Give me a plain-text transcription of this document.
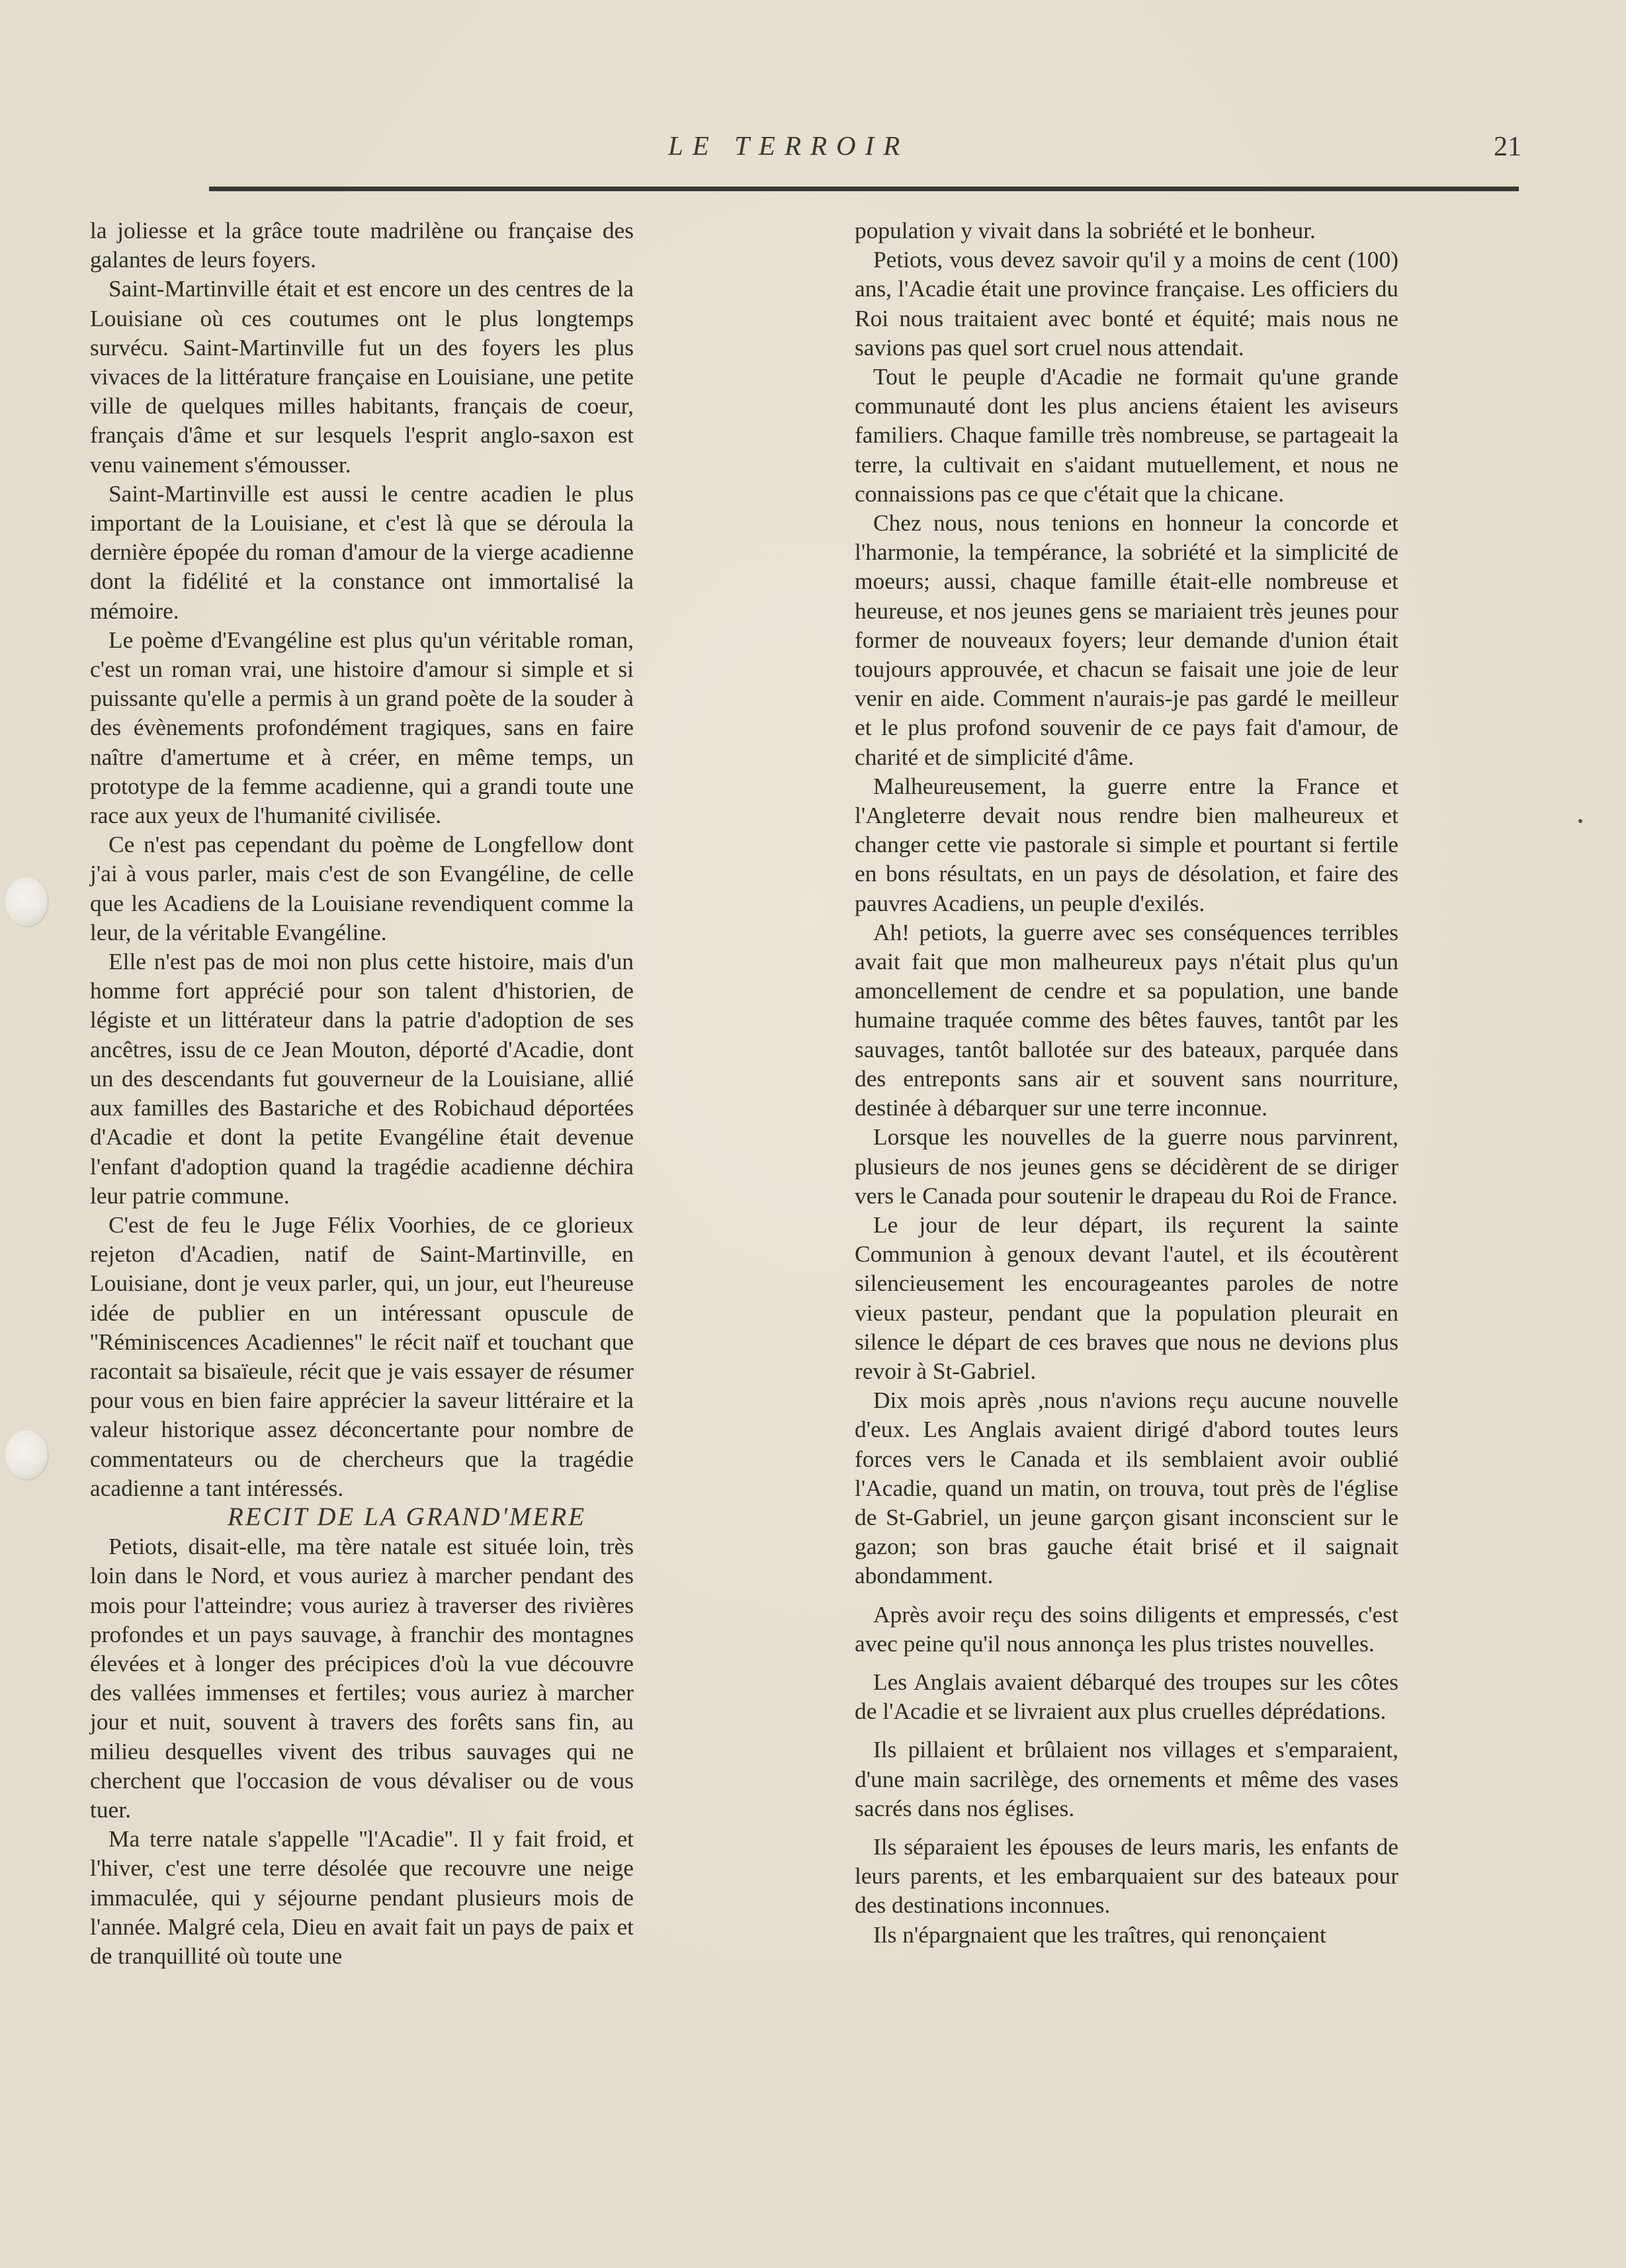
LE TERROIR	21

la joliesse et la grâce toute madrilène ou française des galantes de leurs foyers.

Saint-Martinville était et est encore un des centres de la Louisiane où ces coutumes ont le plus longtemps survécu. Saint-Martinville fut un des foyers les plus vivaces de la littérature française en Louisiane, une petite ville de quelques milles habitants, français de coeur, français d'âme et sur lesquels l'esprit anglo-saxon est venu vainement s'émousser.

Saint-Martinville est aussi le centre acadien le plus important de la Louisiane, et c'est là que se déroula la dernière épopée du roman d'amour de la vierge acadienne dont la fidélité et la constance ont immortalisé la mémoire.

Le poème d'Evangéline est plus qu'un véritable roman, c'est un roman vrai, une histoire d'amour si simple et si puissante qu'elle a permis à un grand poète de la souder à des évènements profondément tragiques, sans en faire naître d'amertume et à créer, en même temps, un prototype de la femme acadienne, qui a grandi toute une race aux yeux de l'humanité civilisée.

Ce n'est pas cependant du poème de Longfellow dont j'ai à vous parler, mais c'est de son Evangéline, de celle que les Acadiens de la Louisiane revendiquent comme la leur, de la véritable Evangéline.

Elle n'est pas de moi non plus cette histoire, mais d'un homme fort apprécié pour son talent d'historien, de légiste et un littérateur dans la patrie d'adoption de ses ancêtres, issu de ce Jean Mouton, déporté d'Acadie, dont un des descendants fut gouverneur de la Louisiane, allié aux familles des Bastariche et des Robichaud déportées d'Acadie et dont la petite Evangéline était devenue l'enfant d'adoption quand la tragédie acadienne déchira leur patrie commune.

C'est de feu le Juge Félix Voorhies, de ce glorieux rejeton d'Acadien, natif de Saint-Martinville, en Louisiane, dont je veux parler, qui, un jour, eut l'heureuse idée de publier en un intéressant opuscule de ''Réminiscences Acadiennes'' le récit naïf et touchant que racontait sa bisaïeule, récit que je vais essayer de résumer pour vous en bien faire apprécier la saveur littéraire et la valeur historique assez déconcertante pour nombre de commentateurs ou de chercheurs que la tragédie acadienne a tant intéressés.

RECIT DE LA GRAND'MERE

Petiots, disait-elle, ma tère natale est située loin, très loin dans le Nord, et vous auriez à marcher pendant des mois pour l'atteindre; vous auriez à traverser des rivières profondes et un pays sauvage, à franchir des montagnes élevées et à longer des précipices d'où la vue découvre des vallées immenses et fertiles; vous auriez à marcher jour et nuit, souvent à travers des forêts sans fin, au milieu desquelles vivent des tribus sauvages qui ne cherchent que l'occasion de vous dévaliser ou de vous tuer.

Ma terre natale s'appelle ''l'Acadie''. Il y fait froid, et l'hiver, c'est une terre désolée que recouvre une neige immaculée, qui y séjourne pendant plusieurs mois de l'année. Malgré cela, Dieu en avait fait un pays de paix et de tranquillité où toute une

population y vivait dans la sobriété et le bonheur.

Petiots, vous devez savoir qu'il y a moins de cent (100) ans, l'Acadie était une province française. Les officiers du Roi nous traitaient avec bonté et équité; mais nous ne savions pas quel sort cruel nous attendait.

Tout le peuple d'Acadie ne formait qu'une grande communauté dont les plus anciens étaient les aviseurs familiers. Chaque famille très nombreuse, se partageait la terre, la cultivait en s'aidant mutuellement, et nous ne connaissions pas ce que c'était que la chicane.

Chez nous, nous tenions en honneur la concorde et l'harmonie, la tempérance, la sobriété et la simplicité de moeurs; aussi, chaque famille était-elle nombreuse et heureuse, et nos jeunes gens se mariaient très jeunes pour former de nouveaux foyers; leur demande d'union était toujours approuvée, et chacun se faisait une joie de leur venir en aide. Comment n'aurais-je pas gardé le meilleur et le plus profond souvenir de ce pays fait d'amour, de charité et de simplicité d'âme.

Malheureusement, la guerre entre la France et l'Angleterre devait nous rendre bien malheureux et changer cette vie pastorale si simple et pourtant si fertile en bons résultats, en un pays de désolation, et faire des pauvres Acadiens, un peuple d'exilés.

Ah! petiots, la guerre avec ses conséquences terribles avait fait que mon malheureux pays n'était plus qu'un amoncellement de cendre et sa population, une bande humaine traquée comme des bêtes fauves, tantôt par les sauvages, tantôt ballotée sur des bateaux, parquée dans des entreponts sans air et souvent sans nourriture, destinée à débarquer sur une terre inconnue.

Lorsque les nouvelles de la guerre nous parvinrent, plusieurs de nos jeunes gens se décidèrent de se diriger vers le Canada pour soutenir le drapeau du Roi de France.

Le jour de leur départ, ils reçurent la sainte Communion à genoux devant l'autel, et ils écoutèrent silencieusement les encourageantes paroles de notre vieux pasteur, pendant que la population pleurait en silence le départ de ces braves que nous ne devions plus revoir à St-Gabriel.

Dix mois après ,nous n'avions reçu aucune nouvelle d'eux. Les Anglais avaient dirigé d'abord toutes leurs forces vers le Canada et ils semblaient avoir oublié l'Acadie, quand un matin, on trouva, tout près de l'église de St-Gabriel, un jeune garçon gisant inconscient sur le gazon; son bras gauche était brisé et il saignait abondamment.

Après avoir reçu des soins diligents et empressés, c'est avec peine qu'il nous annonça les plus tristes nouvelles.

Les Anglais avaient débarqué des troupes sur les côtes de l'Acadie et se livraient aux plus cruelles déprédations.

Ils pillaient et brûlaient nos villages et s'emparaient, d'une main sacrilège, des ornements et même des vases sacrés dans nos églises.

Ils séparaient les épouses de leurs maris, les enfants de leurs parents, et les embarquaient sur des bateaux pour des destinations inconnues.

Ils n'épargnaient que les traîtres, qui renonçaient
